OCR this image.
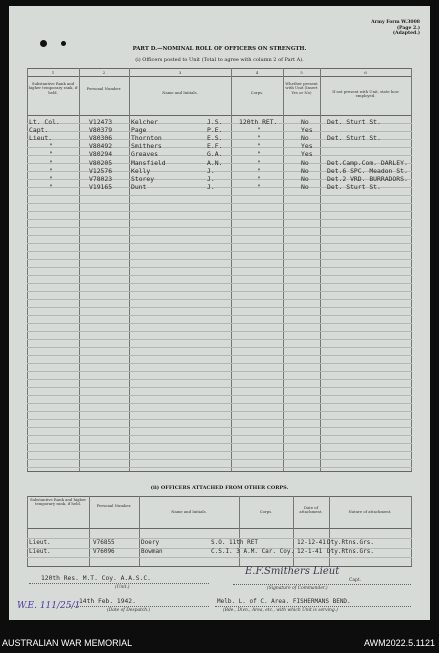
Army Form W.3008
(Page 2.)
(Adapted.)
PART D.—NOMINAL ROLL OF OFFICERS ON STRENGTH.
(i) Officers posted to Unit (Total to agree with column 2 of Part A).
1	2	3	4	5	6
Substantive Rank and higher temporary rank, if held.
Personal Number.
Name and Initials.	Corps.
Whether present with Unit (Insert Yes or No)	If not present with Unit, state how employed.
Lt. Col.	V12473	Kelcher	J.S.	120th RET.	No	Det. Sturt St.
Capt.	V80379	Page	P.E.	"	Yes
Lieut.	V80306	Thornton	E.S.	"	No	Det. Sturt St.
"	V80492	Smithers	E.F.	"	Yes
"	V80294	Greaves	G.A.	"	Yes
"	V80205	Mansfield	A.N.	"	No	Det.Camp.Com. DARLEY.
"	V12576	Kelly	J.	"	No	Det.6 SPC. Meadon St.
"	V78023	Storey	J.	"	No	Det.2 VRD. BURRADORS.
"	V19165	Dunt	J.	"	No	Det. Sturt St.
(ii) OFFICERS ATTACHED FROM OTHER CORPS.
Substantive Rank and higher temporary rank, if held.	Personal Number.
Name and Initials.	Corps.
Date of attachment.	Nature of attachment.
Lieut.	V76855	Doery	S.O. 11th RET	12-12-41 Dty.Rtns.Grs.
Lieut.	V76096	Bowman	C.S.I. 3 A.M. Car. Coy. 12-1-41 Dty.Rtns.Grs.
120th Res. M.T. Coy. A.A.S.C.
(Unit.)
E.F.Smithers Lieut
Capt.
(Signature of Commander.)
W.E. 111/25/1
14th Feb. 1942.
(Date of Despatch.)
Melb. L. of C. Area. FISHERMANS BEND.
(Bde., Divn., Area, etc., with which Unit is serving.)
AUSTRALIAN WAR MEMORIAL	AWM2022.5.1121
